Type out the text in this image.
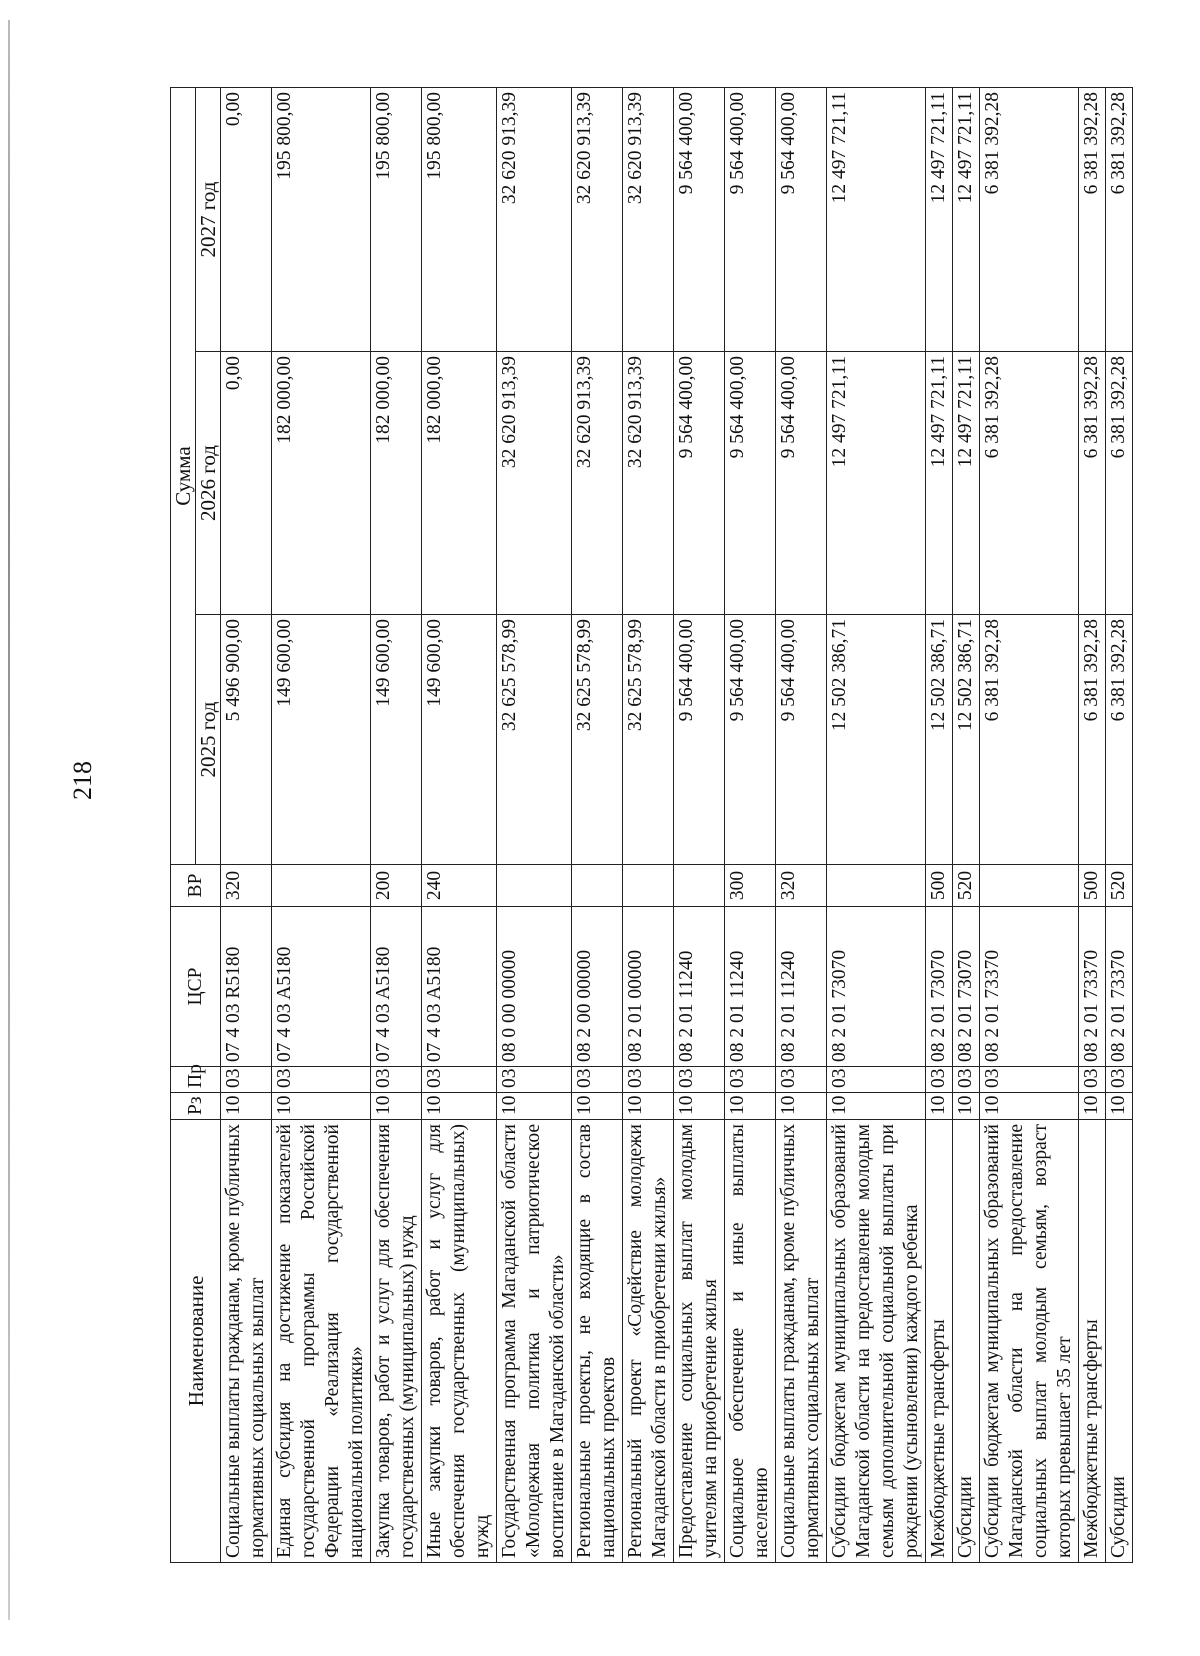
218
Наименование	Рз	Пр	ЦСР	ВР	Сумма		
					2025 год	2026 год	2027 год
Социальные выплаты гражданам, кроме публичных нормативных социальных выплат	10	03	07 4 03 R5180	320	5 496 900,00	0,00	0,00
Единая субсидия на достижение показателей государственной программы Российской Федерации «Реализация государственной национальной политики»	10	03	07 4 03 A5180		149 600,00	182 000,00	195 800,00
Закупка товаров, работ и услуг для обеспечения государственных (муниципальных) нужд	10	03	07 4 03 A5180	200	149 600,00	182 000,00	195 800,00
Иные закупки товаров, работ и услуг для обеспечения государственных (муниципальных) нужд	10	03	07 4 03 A5180	240	149 600,00	182 000,00	195 800,00
Государственная программа Магаданской области «Молодежная политика и патриотическое воспитание в Магаданской области»	10	03	08 0 00 00000		32 625 578,99	32 620 913,39	32 620 913,39
Региональные проекты, не входящие в состав национальных проектов	10	03	08 2 00 00000		32 625 578,99	32 620 913,39	32 620 913,39
Региональный проект «Содействие молодежи Магаданской области в приобретении жилья»	10	03	08 2 01 00000		32 625 578,99	32 620 913,39	32 620 913,39
Предоставление социальных выплат молодым учителям на приобретение жилья	10	03	08 2 01 11240		9 564 400,00	9 564 400,00	9 564 400,00
Социальное обеспечение и иные выплаты населению	10	03	08 2 01 11240	300	9 564 400,00	9 564 400,00	9 564 400,00
Социальные выплаты гражданам, кроме публичных нормативных социальных выплат	10	03	08 2 01 11240	320	9 564 400,00	9 564 400,00	9 564 400,00
Субсидии бюджетам муниципальных образований Магаданской области на предоставление молодым семьям дополнительной социальной выплаты при рождении (усыновлении) каждого ребенка	10	03	08 2 01 73070		12 502 386,71	12 497 721,11	12 497 721,11
Межбюджетные трансферты	10	03	08 2 01 73070	500	12 502 386,71	12 497 721,11	12 497 721,11
Субсидии	10	03	08 2 01 73070	520	12 502 386,71	12 497 721,11	12 497 721,11
Субсидии бюджетам муниципальных образований Магаданской области на предоставление социальных выплат молодым семьям, возраст которых превышает 35 лет	10	03	08 2 01 73370		6 381 392,28	6 381 392,28	6 381 392,28
Межбюджетные трансферты	10	03	08 2 01 73370	500	6 381 392,28	6 381 392,28	6 381 392,28
Субсидии	10	03	08 2 01 73370	520	6 381 392,28	6 381 392,28	6 381 392,28
